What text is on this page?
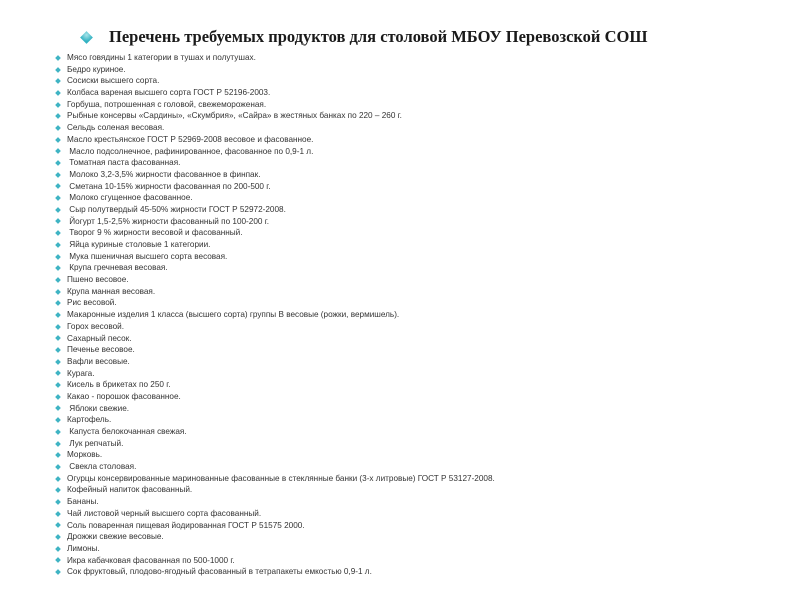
Перечень требуемых продуктов для столовой МБОУ Перевозской СОШ
Мясо говядины 1 категории в тушах и полутушах.
Бедро куриное.
Сосиски высшего сорта.
Колбаса вареная высшего сорта ГОСТ Р 52196-2003.
Горбуша, потрошенная с головой, свежемороженая.
Рыбные консервы «Сардины», «Скумбрия», «Сайра» в жестяных банках по 220 – 260 г.
Сельдь соленая весовая.
Масло крестьянское ГОСТ Р 52969-2008 весовое и фасованное.
Масло подсолнечное, рафинированное, фасованное по 0,9-1 л.
Томатная паста фасованная.
Молоко 3,2-3,5% жирности фасованное в финпак.
Сметана 10-15% жирности фасованная по 200-500 г.
Молоко сгущенное фасованное.
Сыр полутвердый 45-50% жирности ГОСТ Р 52972-2008.
Йогурт 1,5-2,5% жирности фасованный по 100-200 г.
Творог 9 % жирности весовой и фасованный.
Яйца куриные столовые 1 категории.
Мука пшеничная высшего сорта весовая.
Крупа гречневая весовая.
Пшено весовое.
Крупа манная весовая.
Рис весовой.
Макаронные изделия 1 класса (высшего сорта) группы В весовые (рожки, вермишель).
Горох весовой.
Сахарный песок.
Печенье весовое.
Вафли весовые.
Курага.
Кисель в брикетах по 250 г.
Какао - порошок фасованное.
Яблоки свежие.
Картофель.
Капуста белокочанная свежая.
Лук репчатый.
Морковь.
Свекла столовая.
Огурцы консервированные маринованные фасованные в стеклянные банки (3-х литровые) ГОСТ Р 53127-2008.
Кофейный напиток фасованный.
Бананы.
Чай листовой черный высшего сорта фасованный.
Соль поваренная пищевая йодированная ГОСТ Р 51575 2000.
Дрожжи свежие весовые.
Лимоны.
Икра кабачковая фасованная по 500-1000 г.
Сок фруктовый, плодово-ягодный фасованный в тетрапакеты емкостью 0,9-1 л.
